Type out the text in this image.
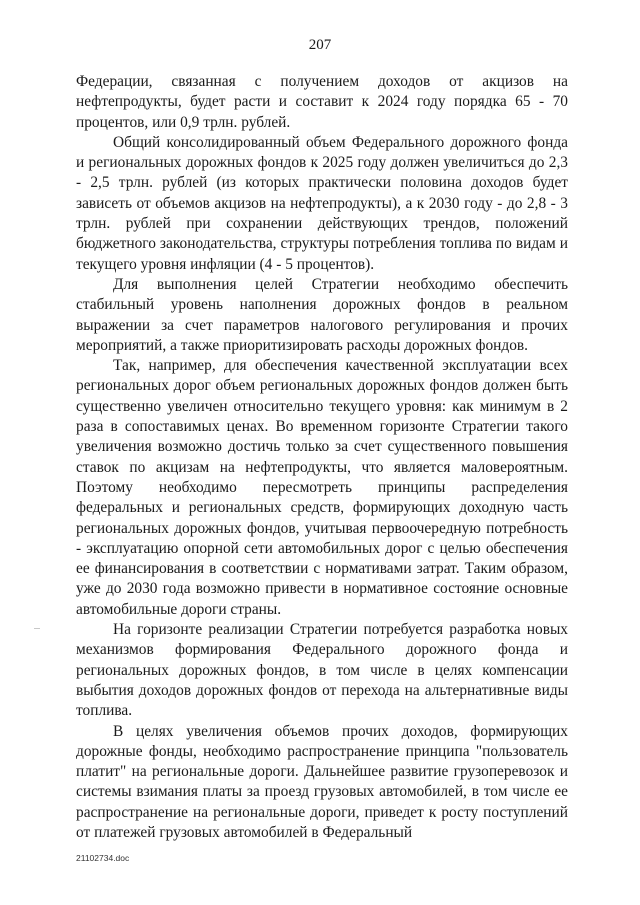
207

Федерации, связанная с получением доходов от акцизов на нефтепродукты, будет расти и составит к 2024 году порядка 65 - 70 процентов, или 0,9 трлн. рублей.

Общий консолидированный объем Федерального дорожного фонда и региональных дорожных фондов к 2025 году должен увеличиться до 2,3 - 2,5 трлн. рублей (из которых практически половина доходов будет зависеть от объемов акцизов на нефтепродукты), а к 2030 году - до 2,8 - 3 трлн. рублей при сохранении действующих трендов, положений бюджетного законодательства, структуры потребления топлива по видам и текущего уровня инфляции (4 - 5 процентов).

Для выполнения целей Стратегии необходимо обеспечить стабильный уровень наполнения дорожных фондов в реальном выражении за счет параметров налогового регулирования и прочих мероприятий, а также приоритизировать расходы дорожных фондов.

Так, например, для обеспечения качественной эксплуатации всех региональных дорог объем региональных дорожных фондов должен быть существенно увеличен относительно текущего уровня: как минимум в 2 раза в сопоставимых ценах. Во временном горизонте Стратегии такого увеличения возможно достичь только за счет существенного повышения ставок по акцизам на нефтепродукты, что является маловероятным. Поэтому необходимо пересмотреть принципы распределения федеральных и региональных средств, формирующих доходную часть региональных дорожных фондов, учитывая первоочередную потребность - эксплуатацию опорной сети автомобильных дорог с целью обеспечения ее финансирования в соответствии с нормативами затрат. Таким образом, уже до 2030 года возможно привести в нормативное состояние основные автомобильные дороги страны.

На горизонте реализации Стратегии потребуется разработка новых механизмов формирования Федерального дорожного фонда и региональных дорожных фондов, в том числе в целях компенсации выбытия доходов дорожных фондов от перехода на альтернативные виды топлива.

В целях увеличения объемов прочих доходов, формирующих дорожные фонды, необходимо распространение принципа "пользователь платит" на региональные дороги. Дальнейшее развитие грузоперевозок и системы взимания платы за проезд грузовых автомобилей, в том числе ее распространение на региональные дороги, приведет к росту поступлений от платежей грузовых автомобилей в Федеральный

21102734.doc
